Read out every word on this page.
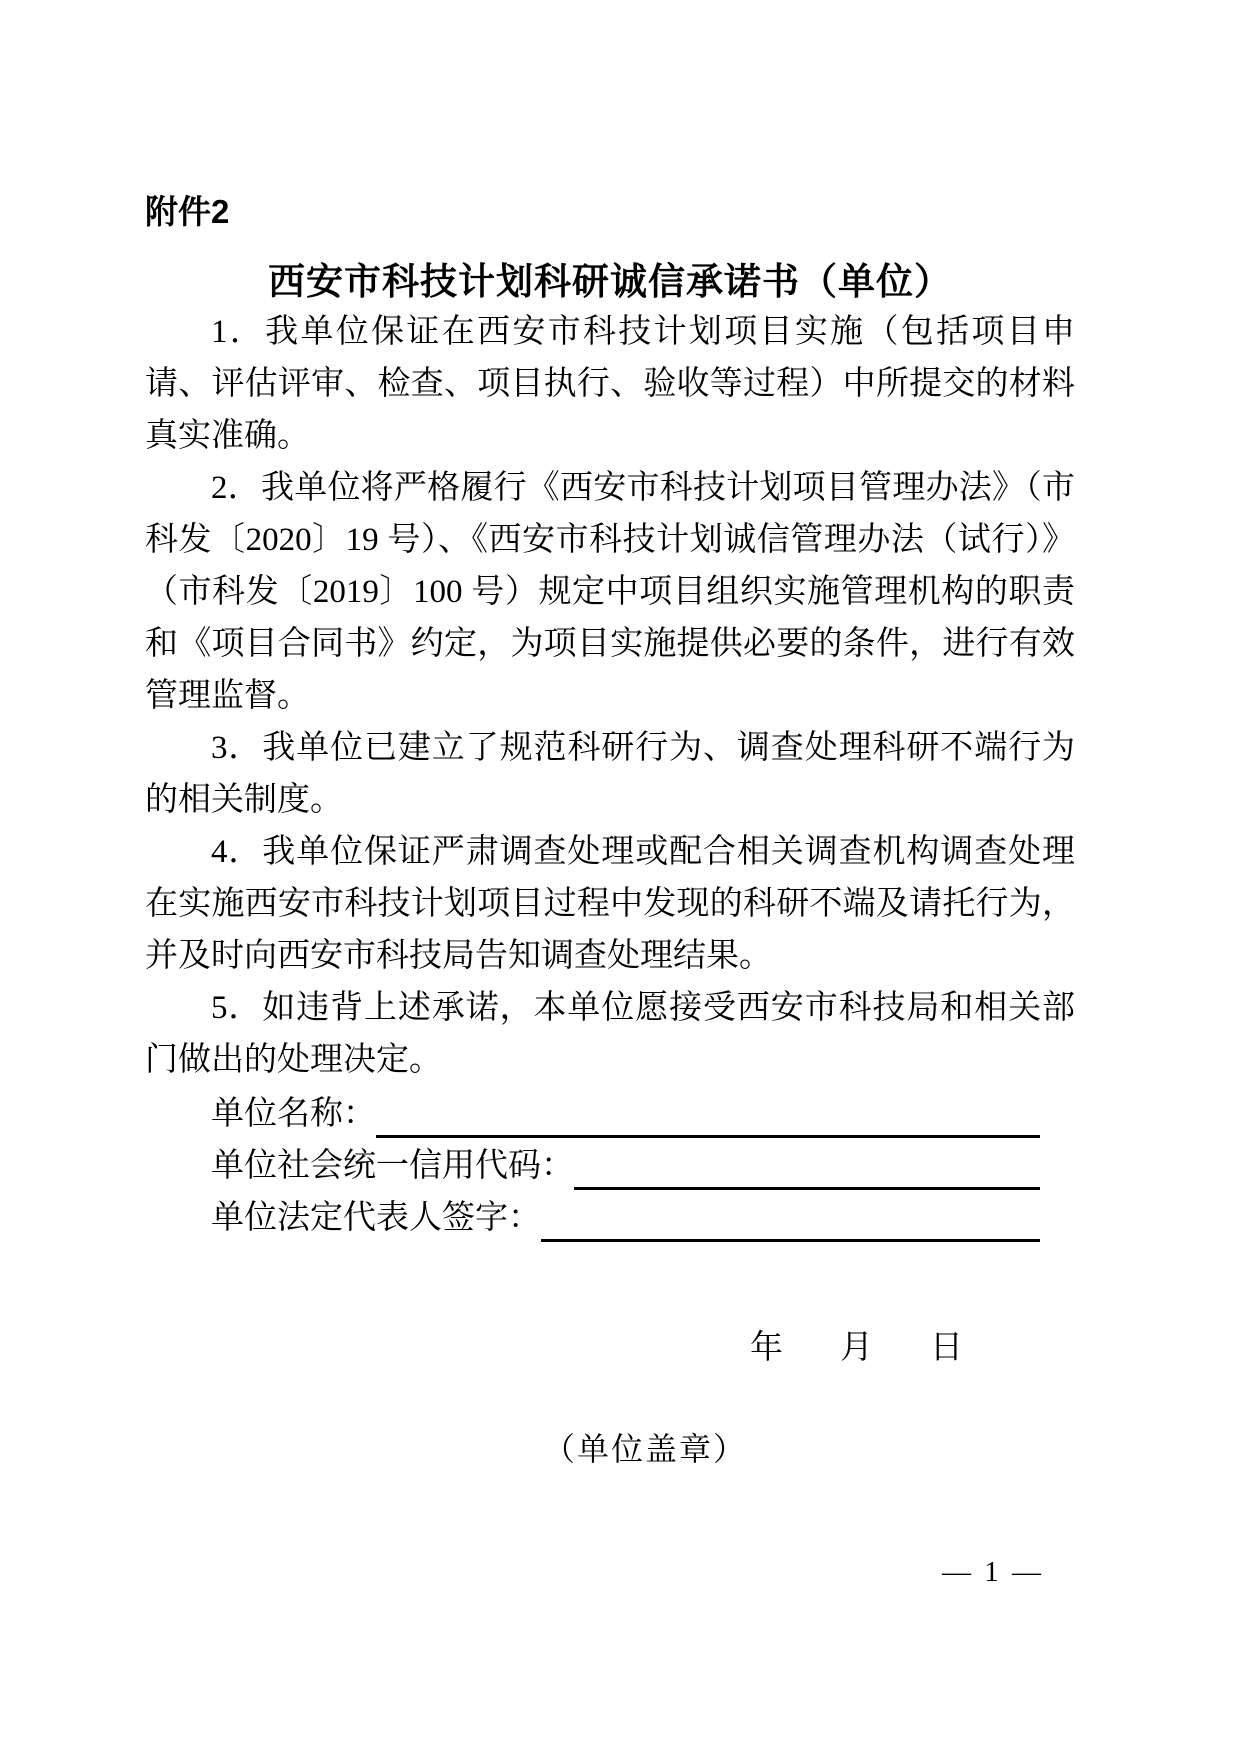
附件2
西安市科技计划科研诚信承诺书（单位）

1．我单位保证在西安市科技计划项目实施（包括项目申请、评估评审、检查、项目执行、验收等过程）中所提交的材料真实准确。

2．我单位将严格履行《西安市科技计划项目管理办法》（市科发〔2020〕19 号）、《西安市科技计划诚信管理办法（试行）》（市科发〔2019〕100 号）规定中项目组织实施管理机构的职责和《项目合同书》约定，为项目实施提供必要的条件，进行有效管理监督。

3．我单位已建立了规范科研行为、调查处理科研不端行为的相关制度。

4．我单位保证严肃调查处理或配合相关调查机构调查处理在实施西安市科技计划项目过程中发现的科研不端及请托行为，并及时向西安市科技局告知调查处理结果。

5．如违背上述承诺，本单位愿接受西安市科技局和相关部门做出的处理决定。

单位名称：
单位社会统一信用代码：
单位法定代表人签字：
年 月 日
（单位盖章）
— 1 —
